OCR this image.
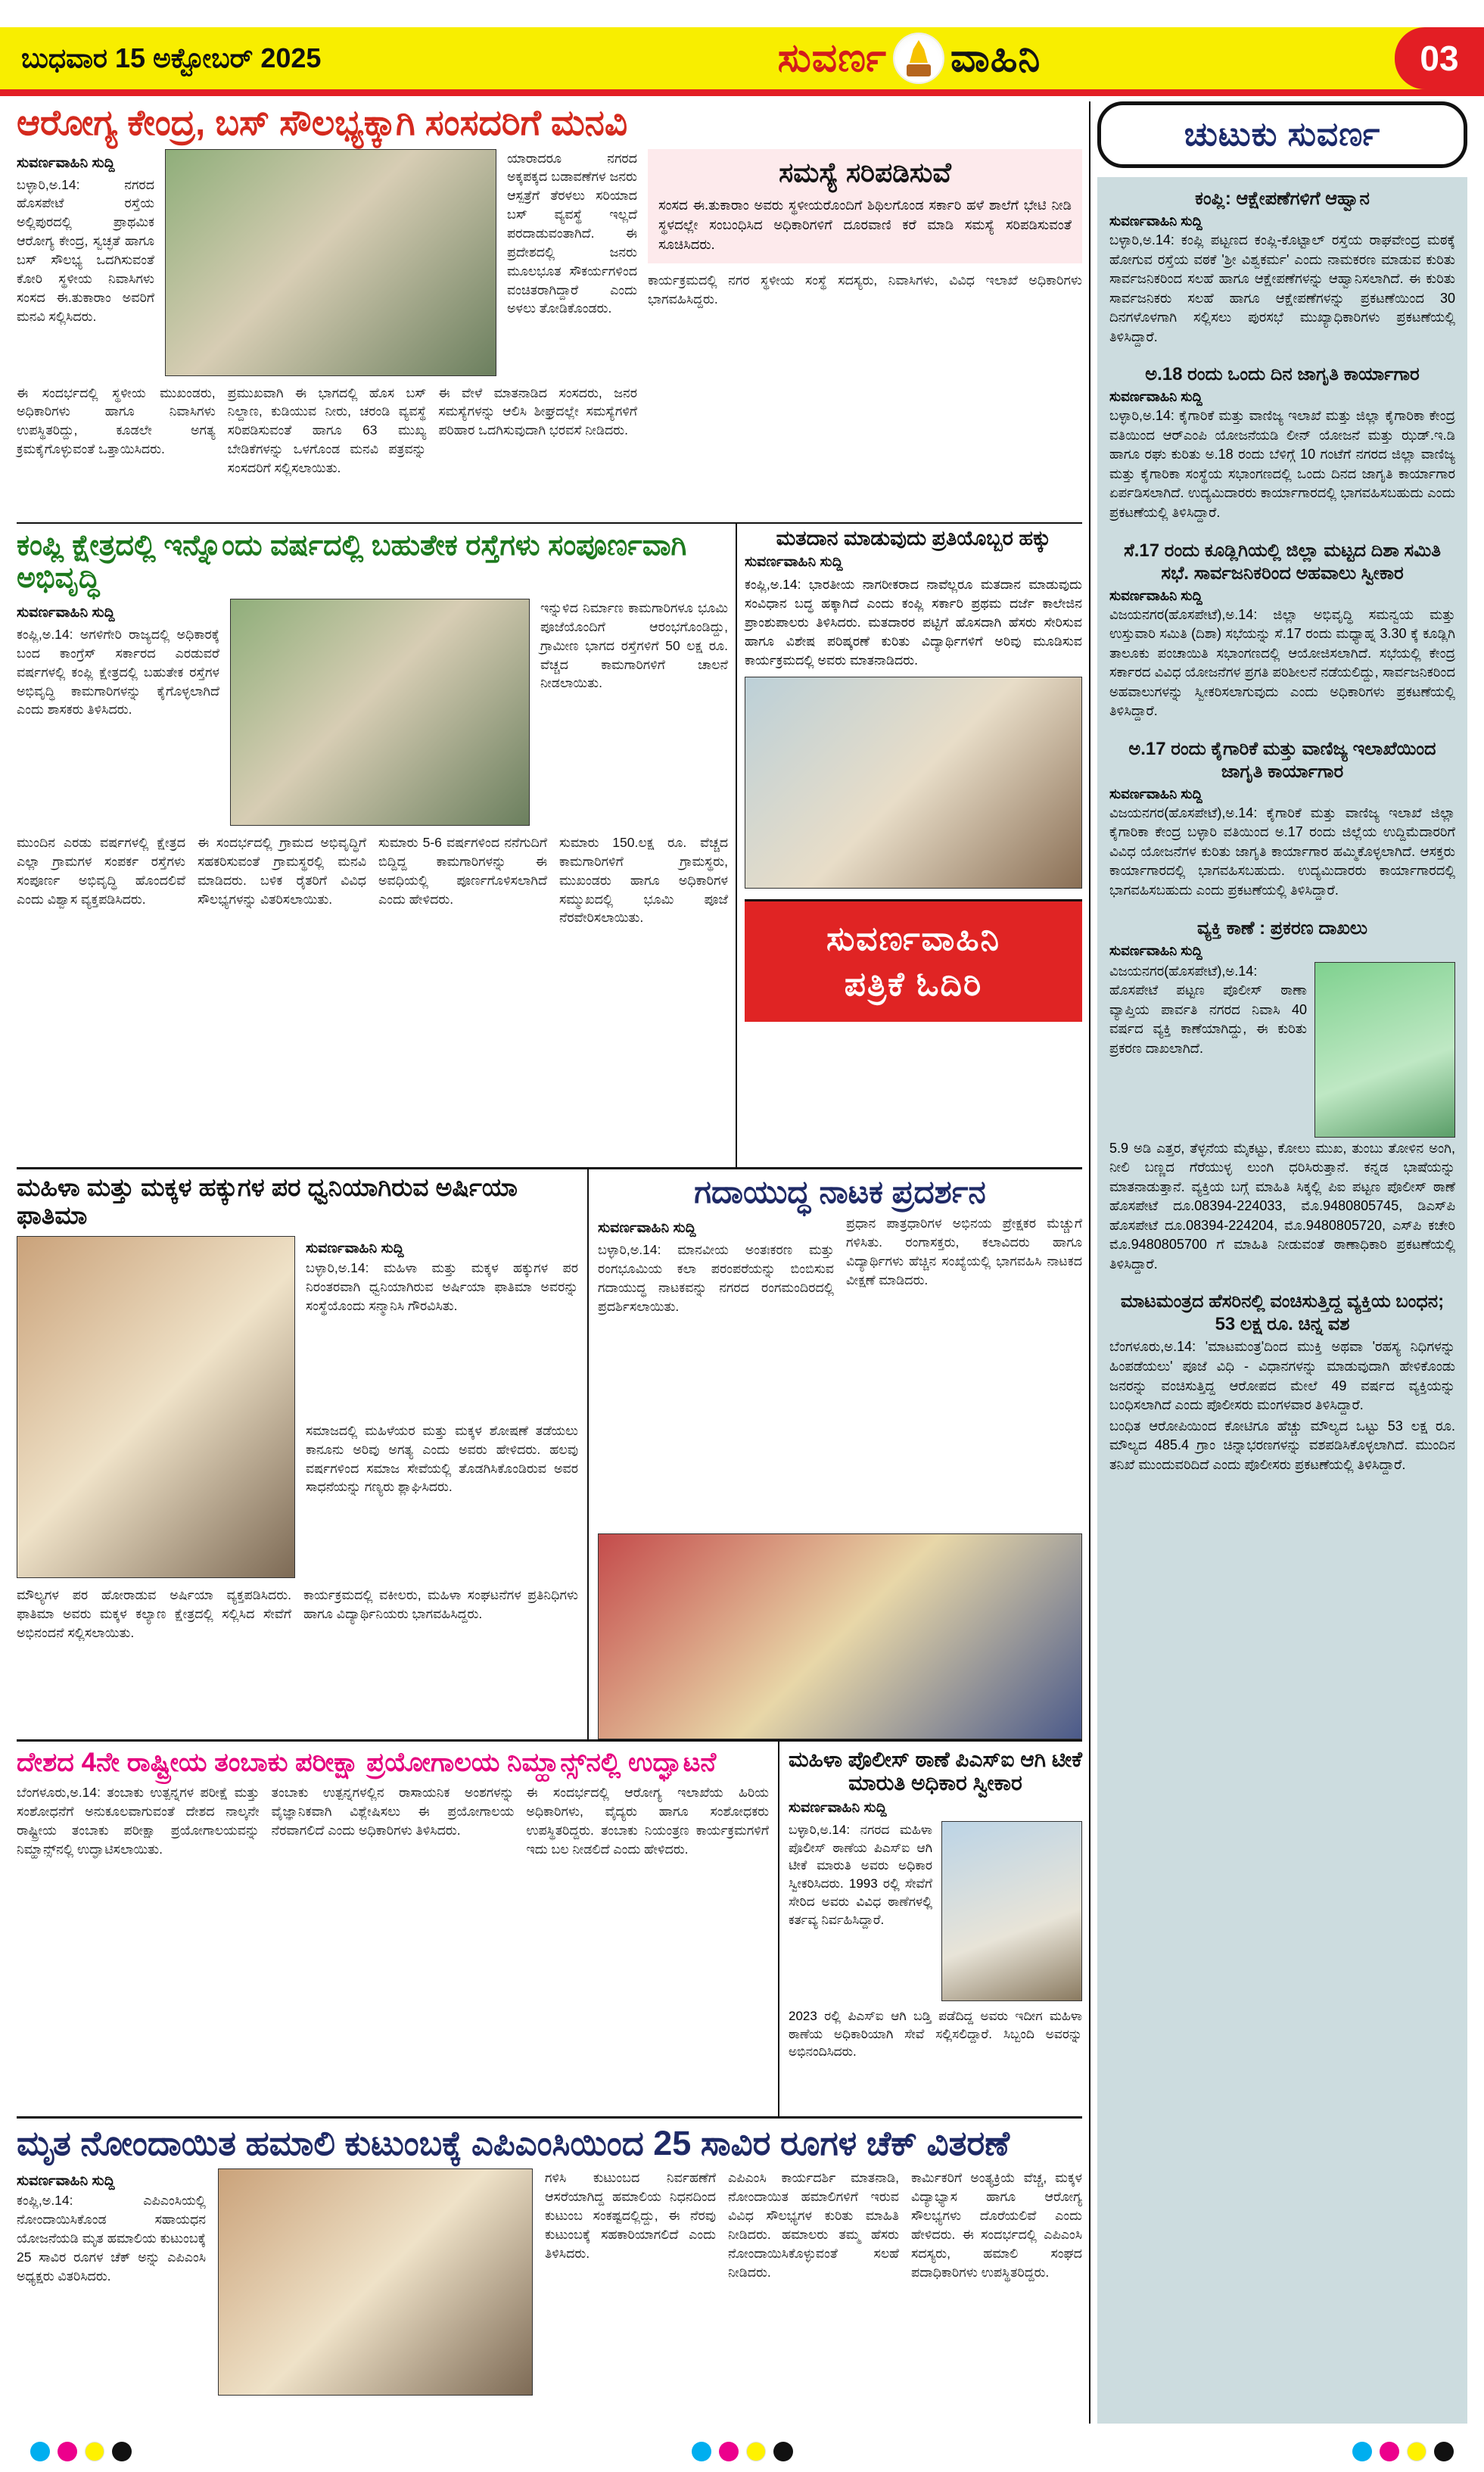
ಬುಧವಾರ 15 ಅಕ್ಟೋಬರ್ 2025	ಸುವರ್ಣ ವಾಹಿನಿ	03
ಆರೋಗ್ಯ ಕೇಂದ್ರ, ಬಸ್ ಸೌಲಭ್ಯಕ್ಕಾಗಿ ಸಂಸದರಿಗೆ ಮನವಿ
ಸುವರ್ಣವಾಹಿನಿ ಸುದ್ದಿ
ಬಳ್ಳಾರಿ,ಅ.14: ನಗರದ ಹೊಸಪೇಟೆ ರಸ್ತೆಯ ಅಲ್ಲಿಪುರದಲ್ಲಿ ಪ್ರಾಥಮಿಕ ಆರೋಗ್ಯ ಕೇಂದ್ರ, ಸ್ವಚ್ಛತೆ ಹಾಗೂ ಬಸ್ ಸೌಲಭ್ಯ ಒದಗಿಸುವಂತೆ ಕೋರಿ ಸ್ಥಳೀಯ ನಿವಾಸಿಗಳು ಸಂಸದ ಈ.ತುಕಾರಾಂ ಅವರಿಗೆ ಮನವಿ ಸಲ್ಲಿಸಿದರು.
ಯಾರಾದರೂ ನಗರದ ಅಕ್ಕಪಕ್ಕದ ಬಡಾವಣೆಗಳ ಜನರು ಆಸ್ಪತ್ರೆಗೆ ತೆರಳಲು ಸರಿಯಾದ ಬಸ್ ವ್ಯವಸ್ಥೆ ಇಲ್ಲದೆ ಪರದಾಡುವಂತಾಗಿದೆ. ಈ ಪ್ರದೇಶದಲ್ಲಿ ಜನರು ಮೂಲಭೂತ ಸೌಕರ್ಯಗಳಿಂದ ವಂಚಿತರಾಗಿದ್ದಾರೆ ಎಂದು ಅಳಲು ತೋಡಿಕೊಂಡರು.
ಈ ಸಂದರ್ಭದಲ್ಲಿ ಸ್ಥಳೀಯ ಮುಖಂಡರು, ಅಧಿಕಾರಿಗಳು ಹಾಗೂ ನಿವಾಸಿಗಳು ಉಪಸ್ಥಿತರಿದ್ದು, ಕೂಡಲೇ ಅಗತ್ಯ ಕ್ರಮಕೈಗೊಳ್ಳುವಂತೆ ಒತ್ತಾಯಿಸಿದರು.
ಪ್ರಮುಖವಾಗಿ ಈ ಭಾಗದಲ್ಲಿ ಹೊಸ ಬಸ್ ನಿಲ್ದಾಣ, ಕುಡಿಯುವ ನೀರು, ಚರಂಡಿ ವ್ಯವಸ್ಥೆ ಸರಿಪಡಿಸುವಂತೆ ಹಾಗೂ 63 ಮುಖ್ಯ ಬೇಡಿಕೆಗಳನ್ನು ಒಳಗೊಂಡ ಮನವಿ ಪತ್ರವನ್ನು ಸಂಸದರಿಗೆ ಸಲ್ಲಿಸಲಾಯಿತು.
ಈ ವೇಳೆ ಮಾತನಾಡಿದ ಸಂಸದರು, ಜನರ ಸಮಸ್ಯೆಗಳನ್ನು ಆಲಿಸಿ ಶೀಘ್ರದಲ್ಲೇ ಸಮಸ್ಯೆಗಳಿಗೆ ಪರಿಹಾರ ಒದಗಿಸುವುದಾಗಿ ಭರವಸೆ ನೀಡಿದರು.
ಸಮಸ್ಯೆ ಸರಿಪಡಿಸುವೆ
ಸಂಸದ ಈ.ತುಕಾರಾಂ ಅವರು ಸ್ಥಳೀಯರೊಂದಿಗೆ ಶಿಥಿಲಗೊಂಡ ಸರ್ಕಾರಿ ಹಳೆ ಶಾಲೆಗೆ ಭೇಟಿ ನೀಡಿ ಸ್ಥಳದಲ್ಲೇ ಸಂಬಂಧಿಸಿದ ಅಧಿಕಾರಿಗಳಿಗೆ ದೂರವಾಣಿ ಕರೆ ಮಾಡಿ ಸಮಸ್ಯೆ ಸರಿಪಡಿಸುವಂತೆ ಸೂಚಿಸಿದರು.
ಕಾರ್ಯಕ್ರಮದಲ್ಲಿ ನಗರ ಸ್ಥಳೀಯ ಸಂಸ್ಥೆ ಸದಸ್ಯರು, ನಿವಾಸಿಗಳು, ವಿವಿಧ ಇಲಾಖೆ ಅಧಿಕಾರಿಗಳು ಭಾಗವಹಿಸಿದ್ದರು.
ಕಂಪ್ಲಿ ಕ್ಷೇತ್ರದಲ್ಲಿ ಇನ್ನೊಂದು ವರ್ಷದಲ್ಲಿ ಬಹುತೇಕ ರಸ್ತೆಗಳು ಸಂಪೂರ್ಣವಾಗಿ ಅಭಿವೃದ್ಧಿ
ಸುವರ್ಣವಾಹಿನಿ ಸುದ್ದಿ
ಕಂಪ್ಲಿ,ಅ.14: ಅಗಳಿಗೇರಿ ರಾಜ್ಯದಲ್ಲಿ ಅಧಿಕಾರಕ್ಕೆ ಬಂದ ಕಾಂಗ್ರೆಸ್ ಸರ್ಕಾರದ ಎರಡುವರೆ ವರ್ಷಗಳಲ್ಲಿ ಕಂಪ್ಲಿ ಕ್ಷೇತ್ರದಲ್ಲಿ ಬಹುತೇಕ ರಸ್ತೆಗಳ ಅಭಿವೃದ್ಧಿ ಕಾಮಗಾರಿಗಳನ್ನು ಕೈಗೊಳ್ಳಲಾಗಿದೆ ಎಂದು ಶಾಸಕರು ತಿಳಿಸಿದರು.
ಇನ್ನುಳಿದ ನಿರ್ಮಾಣ ಕಾಮಗಾರಿಗಳೂ ಭೂಮಿ ಪೂಜೆಯೊಂದಿಗೆ ಆರಂಭಗೊಂಡಿದ್ದು, ಗ್ರಾಮೀಣ ಭಾಗದ ರಸ್ತೆಗಳಿಗೆ 50 ಲಕ್ಷ ರೂ. ವೆಚ್ಚದ ಕಾಮಗಾರಿಗಳಿಗೆ ಚಾಲನೆ ನೀಡಲಾಯಿತು.
ಮುಂದಿನ ಎರಡು ವರ್ಷಗಳಲ್ಲಿ ಕ್ಷೇತ್ರದ ಎಲ್ಲಾ ಗ್ರಾಮಗಳ ಸಂಪರ್ಕ ರಸ್ತೆಗಳು ಸಂಪೂರ್ಣ ಅಭಿವೃದ್ಧಿ ಹೊಂದಲಿವೆ ಎಂದು ವಿಶ್ವಾಸ ವ್ಯಕ್ತಪಡಿಸಿದರು.
ಈ ಸಂದರ್ಭದಲ್ಲಿ ಗ್ರಾಮದ ಅಭಿವೃದ್ಧಿಗೆ ಸಹಕರಿಸುವಂತೆ ಗ್ರಾಮಸ್ಥರಲ್ಲಿ ಮನವಿ ಮಾಡಿದರು. ಬಳಿಕ ರೈತರಿಗೆ ವಿವಿಧ ಸೌಲಭ್ಯಗಳನ್ನು ವಿತರಿಸಲಾಯಿತು.
ಸುಮಾರು 5-6 ವರ್ಷಗಳಿಂದ ನನೆಗುದಿಗೆ ಬಿದ್ದಿದ್ದ ಕಾಮಗಾರಿಗಳನ್ನು ಈ ಅವಧಿಯಲ್ಲಿ ಪೂರ್ಣಗೊಳಿಸಲಾಗಿದೆ ಎಂದು ಹೇಳಿದರು.
ಸುಮಾರು 150.ಲಕ್ಷ ರೂ. ವೆಚ್ಚದ ಕಾಮಗಾರಿಗಳಿಗೆ ಗ್ರಾಮಸ್ಥರು, ಮುಖಂಡರು ಹಾಗೂ ಅಧಿಕಾರಿಗಳ ಸಮ್ಮುಖದಲ್ಲಿ ಭೂಮಿ ಪೂಜೆ ನೆರವೇರಿಸಲಾಯಿತು.
ಮತದಾನ ಮಾಡುವುದು ಪ್ರತಿಯೊಬ್ಬರ ಹಕ್ಕು
ಸುವರ್ಣವಾಹಿನಿ ಸುದ್ದಿ
ಕಂಪ್ಲಿ,ಅ.14: ಭಾರತೀಯ ನಾಗರೀಕರಾದ ನಾವೆಲ್ಲರೂ ಮತದಾನ ಮಾಡುವುದು ಸಂವಿಧಾನ ಬದ್ಧ ಹಕ್ಕಾಗಿದೆ ಎಂದು ಕಂಪ್ಲಿ ಸರ್ಕಾರಿ ಪ್ರಥಮ ದರ್ಜೆ ಕಾಲೇಜಿನ ಪ್ರಾಂಶುಪಾಲರು ತಿಳಿಸಿದರು. ಮತದಾರರ ಪಟ್ಟಿಗೆ ಹೊಸದಾಗಿ ಹೆಸರು ಸೇರಿಸುವ ಹಾಗೂ ವಿಶೇಷ ಪರಿಷ್ಕರಣೆ ಕುರಿತು ವಿದ್ಯಾರ್ಥಿಗಳಿಗೆ ಅರಿವು ಮೂಡಿಸುವ ಕಾರ್ಯಕ್ರಮದಲ್ಲಿ ಅವರು ಮಾತನಾಡಿದರು.
ಸುವರ್ಣವಾಹಿನಿ
ಪತ್ರಿಕೆ ಓದಿರಿ
ಮಹಿಳಾ ಮತ್ತು ಮಕ್ಕಳ ಹಕ್ಕುಗಳ ಪರ ಧ್ವನಿಯಾಗಿರುವ ಅರ್ಷಿಯಾ ಫಾತಿಮಾ
ಸುವರ್ಣವಾಹಿನಿ ಸುದ್ದಿ
ಬಳ್ಳಾರಿ,ಅ.14: ಮಹಿಳಾ ಮತ್ತು ಮಕ್ಕಳ ಹಕ್ಕುಗಳ ಪರ ನಿರಂತರವಾಗಿ ಧ್ವನಿಯಾಗಿರುವ ಅರ್ಷಿಯಾ ಫಾತಿಮಾ ಅವರನ್ನು ಸಂಸ್ಥೆಯೊಂದು ಸನ್ಮಾನಿಸಿ ಗೌರವಿಸಿತು.
ಸಮಾಜದಲ್ಲಿ ಮಹಿಳೆಯರ ಮತ್ತು ಮಕ್ಕಳ ಶೋಷಣೆ ತಡೆಯಲು ಕಾನೂನು ಅರಿವು ಅಗತ್ಯ ಎಂದು ಅವರು ಹೇಳಿದರು. ಹಲವು ವರ್ಷಗಳಿಂದ ಸಮಾಜ ಸೇವೆಯಲ್ಲಿ ತೊಡಗಿಸಿಕೊಂಡಿರುವ ಅವರ ಸಾಧನೆಯನ್ನು ಗಣ್ಯರು ಶ್ಲಾಘಿಸಿದರು.
ಮೌಲ್ಯಗಳ ಪರ ಹೋರಾಡುವ ಅರ್ಷಿಯಾ ವ್ಯಕ್ತಪಡಿಸಿದರು. ಫಾತಿಮಾ ಅವರು ಮಕ್ಕಳ ಕಲ್ಯಾಣ ಕ್ಷೇತ್ರದಲ್ಲಿ ಸಲ್ಲಿಸಿದ ಸೇವೆಗೆ ಅಭಿನಂದನೆ ಸಲ್ಲಿಸಲಾಯಿತು.
ಕಾರ್ಯಕ್ರಮದಲ್ಲಿ ವಕೀಲರು, ಮಹಿಳಾ ಸಂಘಟನೆಗಳ ಪ್ರತಿನಿಧಿಗಳು ಹಾಗೂ ವಿದ್ಯಾರ್ಥಿನಿಯರು ಭಾಗವಹಿಸಿದ್ದರು.
ಗದಾಯುದ್ಧ ನಾಟಕ ಪ್ರದರ್ಶನ
ಸುವರ್ಣವಾಹಿನಿ ಸುದ್ದಿ
ಬಳ್ಳಾರಿ,ಅ.14: ಮಾನವೀಯ ಅಂತಃಕರಣ ಮತ್ತು ರಂಗಭೂಮಿಯ ಕಲಾ ಪರಂಪರೆಯನ್ನು ಬಿಂಬಿಸುವ ಗದಾಯುದ್ಧ ನಾಟಕವನ್ನು ನಗರದ ರಂಗಮಂದಿರದಲ್ಲಿ ಪ್ರದರ್ಶಿಸಲಾಯಿತು.
ಪ್ರಧಾನ ಪಾತ್ರಧಾರಿಗಳ ಅಭಿನಯ ಪ್ರೇಕ್ಷಕರ ಮೆಚ್ಚುಗೆ ಗಳಿಸಿತು. ರಂಗಾಸಕ್ತರು, ಕಲಾವಿದರು ಹಾಗೂ ವಿದ್ಯಾರ್ಥಿಗಳು ಹೆಚ್ಚಿನ ಸಂಖ್ಯೆಯಲ್ಲಿ ಭಾಗವಹಿಸಿ ನಾಟಕದ ವೀಕ್ಷಣೆ ಮಾಡಿದರು.
ದೇಶದ 4ನೇ ರಾಷ್ಟ್ರೀಯ ತಂಬಾಕು ಪರೀಕ್ಷಾ ಪ್ರಯೋಗಾಲಯ ನಿಮ್ಹಾನ್ಸ್‌ನಲ್ಲಿ ಉದ್ಘಾಟನೆ
ಬೆಂಗಳೂರು,ಅ.14: ತಂಬಾಕು ಉತ್ಪನ್ನಗಳ ಪರೀಕ್ಷೆ ಮತ್ತು ಸಂಶೋಧನೆಗೆ ಅನುಕೂಲವಾಗುವಂತೆ ದೇಶದ ನಾಲ್ಕನೇ ರಾಷ್ಟ್ರೀಯ ತಂಬಾಕು ಪರೀಕ್ಷಾ ಪ್ರಯೋಗಾಲಯವನ್ನು ನಿಮ್ಹಾನ್ಸ್‌ನಲ್ಲಿ ಉದ್ಘಾಟಿಸಲಾಯಿತು.
ತಂಬಾಕು ಉತ್ಪನ್ನಗಳಲ್ಲಿನ ರಾಸಾಯನಿಕ ಅಂಶಗಳನ್ನು ವೈಜ್ಞಾನಿಕವಾಗಿ ವಿಶ್ಲೇಷಿಸಲು ಈ ಪ್ರಯೋಗಾಲಯ ನೆರವಾಗಲಿದೆ ಎಂದು ಅಧಿಕಾರಿಗಳು ತಿಳಿಸಿದರು.
ಈ ಸಂದರ್ಭದಲ್ಲಿ ಆರೋಗ್ಯ ಇಲಾಖೆಯ ಹಿರಿಯ ಅಧಿಕಾರಿಗಳು, ವೈದ್ಯರು ಹಾಗೂ ಸಂಶೋಧಕರು ಉಪಸ್ಥಿತರಿದ್ದರು. ತಂಬಾಕು ನಿಯಂತ್ರಣ ಕಾರ್ಯಕ್ರಮಗಳಿಗೆ ಇದು ಬಲ ನೀಡಲಿದೆ ಎಂದು ಹೇಳಿದರು.
ಮಹಿಳಾ ಪೊಲೀಸ್ ಠಾಣೆ ಪಿಎಸ್‌ಐ ಆಗಿ ಟೀಕೆ ಮಾರುತಿ ಅಧಿಕಾರ ಸ್ವೀಕಾರ
ಸುವರ್ಣವಾಹಿನಿ ಸುದ್ದಿ
ಬಳ್ಳಾರಿ,ಅ.14: ನಗರದ ಮಹಿಳಾ ಪೊಲೀಸ್ ಠಾಣೆಯ ಪಿಎಸ್‌ಐ ಆಗಿ ಟೀಕೆ ಮಾರುತಿ ಅವರು ಅಧಿಕಾರ ಸ್ವೀಕರಿಸಿದರು. 1993 ರಲ್ಲಿ ಸೇವೆಗೆ ಸೇರಿದ ಅವರು ವಿವಿಧ ಠಾಣೆಗಳಲ್ಲಿ ಕರ್ತವ್ಯ ನಿರ್ವಹಿಸಿದ್ದಾರೆ.
2023 ರಲ್ಲಿ ಪಿಎಸ್‌ಐ ಆಗಿ ಬಡ್ತಿ ಪಡೆದಿದ್ದ ಅವರು ಇದೀಗ ಮಹಿಳಾ ಠಾಣೆಯ ಅಧಿಕಾರಿಯಾಗಿ ಸೇವೆ ಸಲ್ಲಿಸಲಿದ್ದಾರೆ. ಸಿಬ್ಬಂದಿ ಅವರನ್ನು ಅಭಿನಂದಿಸಿದರು.
ಮೃತ ನೋಂದಾಯಿತ ಹಮಾಲಿ ಕುಟುಂಬಕ್ಕೆ ಎಪಿಎಂಸಿಯಿಂದ 25 ಸಾವಿರ ರೂಗಳ ಚೆಕ್ ವಿತರಣೆ
ಸುವರ್ಣವಾಹಿನಿ ಸುದ್ದಿ
ಕಂಪ್ಲಿ,ಅ.14: ಎಪಿಎಂಸಿಯಲ್ಲಿ ನೋಂದಾಯಿಸಿಕೊಂಡ ಸಹಾಯಧನ ಯೋಜನೆಯಡಿ ಮೃತ ಹಮಾಲಿಯ ಕುಟುಂಬಕ್ಕೆ 25 ಸಾವಿರ ರೂಗಳ ಚೆಕ್ ಅನ್ನು ಎಪಿಎಂಸಿ ಅಧ್ಯಕ್ಷರು ವಿತರಿಸಿದರು.
ಗಳಿಸಿ ಕುಟುಂಬದ ನಿರ್ವಹಣೆಗೆ ಆಸರೆಯಾಗಿದ್ದ ಹಮಾಲಿಯ ನಿಧನದಿಂದ ಕುಟುಂಬ ಸಂಕಷ್ಟದಲ್ಲಿದ್ದು, ಈ ನೆರವು ಕುಟುಂಬಕ್ಕೆ ಸಹಕಾರಿಯಾಗಲಿದೆ ಎಂದು ತಿಳಿಸಿದರು.
ಎಪಿಎಂಸಿ ಕಾರ್ಯದರ್ಶಿ ಮಾತನಾಡಿ, ನೋಂದಾಯಿತ ಹಮಾಲಿಗಳಿಗೆ ಇರುವ ವಿವಿಧ ಸೌಲಭ್ಯಗಳ ಕುರಿತು ಮಾಹಿತಿ ನೀಡಿದರು. ಹಮಾಲರು ತಮ್ಮ ಹೆಸರು ನೋಂದಾಯಿಸಿಕೊಳ್ಳುವಂತೆ ಸಲಹೆ ನೀಡಿದರು.
ಕಾರ್ಮಿಕರಿಗೆ ಅಂತ್ಯಕ್ರಿಯೆ ವೆಚ್ಚ, ಮಕ್ಕಳ ವಿದ್ಯಾಭ್ಯಾಸ ಹಾಗೂ ಆರೋಗ್ಯ ಸೌಲಭ್ಯಗಳು ದೊರೆಯಲಿವೆ ಎಂದು ಹೇಳಿದರು. ಈ ಸಂದರ್ಭದಲ್ಲಿ ಎಪಿಎಂಸಿ ಸದಸ್ಯರು, ಹಮಾಲಿ ಸಂಘದ ಪದಾಧಿಕಾರಿಗಳು ಉಪಸ್ಥಿತರಿದ್ದರು.
ಚುಟುಕು ಸುವರ್ಣ
ಕಂಪ್ಲಿ: ಆಕ್ಷೇಪಣೆಗಳಿಗೆ ಆಹ್ವಾನ
ಸುವರ್ಣವಾಹಿನಿ ಸುದ್ದಿ
ಬಳ್ಳಾರಿ,ಅ.14: ಕಂಪ್ಲಿ ಪಟ್ಟಣದ ಕಂಪ್ಲಿ-ಕೊಟ್ಟಾಲ್ ರಸ್ತೆಯ ರಾಘವೇಂದ್ರ ಮಠಕ್ಕೆ ಹೋಗುವ ರಸ್ತೆಯ ವಠಕೆ 'ಶ್ರೀ ವಿಶ್ವಕರ್ಮ' ಎಂದು ನಾಮಕರಣ ಮಾಡುವ ಕುರಿತು ಸಾರ್ವಜನಿಕರಿಂದ ಸಲಹೆ ಹಾಗೂ ಆಕ್ಷೇಪಣೆಗಳನ್ನು ಆಹ್ವಾನಿಸಲಾಗಿದೆ. ಈ ಕುರಿತು ಸಾರ್ವಜನಿಕರು ಸಲಹೆ ಹಾಗೂ ಆಕ್ಷೇಪಣೆಗಳನ್ನು ಪ್ರಕಟಣೆಯಿಂದ 30 ದಿನಗಳೊಳಗಾಗಿ ಸಲ್ಲಿಸಲು ಪುರಸಭೆ ಮುಖ್ಯಾಧಿಕಾರಿಗಳು ಪ್ರಕಟಣೆಯಲ್ಲಿ ತಿಳಿಸಿದ್ದಾರೆ.
ಅ.18 ರಂದು ಒಂದು ದಿನ ಜಾಗೃತಿ ಕಾರ್ಯಾಗಾರ
ಸುವರ್ಣವಾಹಿನಿ ಸುದ್ದಿ
ಬಳ್ಳಾರಿ,ಅ.14: ಕೈಗಾರಿಕೆ ಮತ್ತು ವಾಣಿಜ್ಯ ಇಲಾಖೆ ಮತ್ತು ಜಿಲ್ಲಾ ಕೈಗಾರಿಕಾ ಕೇಂದ್ರ ವತಿಯಿಂದ ಆರ್‌ಎಂಪಿ ಯೋಜನೆಯಡಿ ಲೀನ್ ಯೋಜನೆ ಮತ್ತು ಝಡ್.ಇ.ಡಿ ಹಾಗೂ ರಘು ಕುರಿತು ಅ.18 ರಂದು ಬೆಳಿಗ್ಗೆ 10 ಗಂಟೆಗೆ ನಗರದ ಜಿಲ್ಲಾ ವಾಣಿಜ್ಯ ಮತ್ತು ಕೈಗಾರಿಕಾ ಸಂಸ್ಥೆಯ ಸಭಾಂಗಣದಲ್ಲಿ ಒಂದು ದಿನದ ಜಾಗೃತಿ ಕಾರ್ಯಾಗಾರ ಏರ್ಪಡಿಸಲಾಗಿದೆ. ಉದ್ಯಮಿದಾರರು ಕಾರ್ಯಾಗಾರದಲ್ಲಿ ಭಾಗವಹಿಸಬಹುದು ಎಂದು ಪ್ರಕಟಣೆಯಲ್ಲಿ ತಿಳಿಸಿದ್ದಾರೆ.
ಸೆ.17 ರಂದು ಕೂಡ್ಲಿಗಿಯಲ್ಲಿ ಜಿಲ್ಲಾ ಮಟ್ಟದ ದಿಶಾ ಸಮಿತಿ ಸಭೆ. ಸಾರ್ವಜನಿಕರಿಂದ ಅಹವಾಲು ಸ್ವೀಕಾರ
ಸುವರ್ಣವಾಹಿನಿ ಸುದ್ದಿ
ವಿಜಯನಗರ(ಹೊಸಪೇಟೆ),ಅ.14: ಜಿಲ್ಲಾ ಅಭಿವೃದ್ಧಿ ಸಮನ್ವಯ ಮತ್ತು ಉಸ್ತುವಾರಿ ಸಮಿತಿ (ದಿಶಾ) ಸಭೆಯನ್ನು ಸೆ.17 ರಂದು ಮಧ್ಯಾಹ್ನ 3.30 ಕ್ಕೆ ಕೂಡ್ಲಿಗಿ ತಾಲೂಕು ಪಂಚಾಯಿತಿ ಸಭಾಂಗಣದಲ್ಲಿ ಆಯೋಜಿಸಲಾಗಿದೆ. ಸಭೆಯಲ್ಲಿ ಕೇಂದ್ರ ಸರ್ಕಾರದ ವಿವಿಧ ಯೋಜನೆಗಳ ಪ್ರಗತಿ ಪರಿಶೀಲನೆ ನಡೆಯಲಿದ್ದು, ಸಾರ್ವಜನಿಕರಿಂದ ಅಹವಾಲುಗಳನ್ನು ಸ್ವೀಕರಿಸಲಾಗುವುದು ಎಂದು ಅಧಿಕಾರಿಗಳು ಪ್ರಕಟಣೆಯಲ್ಲಿ ತಿಳಿಸಿದ್ದಾರೆ.
ಅ.17 ರಂದು ಕೈಗಾರಿಕೆ ಮತ್ತು ವಾಣಿಜ್ಯ ಇಲಾಖೆಯಿಂದ ಜಾಗೃತಿ ಕಾರ್ಯಾಗಾರ
ಸುವರ್ಣವಾಹಿನಿ ಸುದ್ದಿ
ವಿಜಯನಗರ(ಹೊಸಪೇಟೆ),ಅ.14: ಕೈಗಾರಿಕೆ ಮತ್ತು ವಾಣಿಜ್ಯ ಇಲಾಖೆ ಜಿಲ್ಲಾ ಕೈಗಾರಿಕಾ ಕೇಂದ್ರ ಬಳ್ಳಾರಿ ವತಿಯಿಂದ ಅ.17 ರಂದು ಜಿಲ್ಲೆಯ ಉದ್ದಿಮೆದಾರರಿಗೆ ವಿವಿಧ ಯೋಜನೆಗಳ ಕುರಿತು ಜಾಗೃತಿ ಕಾರ್ಯಾಗಾರ ಹಮ್ಮಿಕೊಳ್ಳಲಾಗಿದೆ. ಆಸಕ್ತರು ಕಾರ್ಯಾಗಾರದಲ್ಲಿ ಭಾಗವಹಿಸಬಹುದು. ಉದ್ಯಮಿದಾರರು ಕಾರ್ಯಾಗಾರದಲ್ಲಿ ಭಾಗವಹಿಸಬಹುದು ಎಂದು ಪ್ರಕಟಣೆಯಲ್ಲಿ ತಿಳಿಸಿದ್ದಾರೆ.
ವ್ಯಕ್ತಿ ಕಾಣೆ : ಪ್ರಕರಣ ದಾಖಲು
ಸುವರ್ಣವಾಹಿನಿ ಸುದ್ದಿ
ವಿಜಯನಗರ(ಹೊಸಪೇಟೆ),ಅ.14: ಹೊಸಪೇಟೆ ಪಟ್ಟಣ ಪೊಲೀಸ್ ಠಾಣಾ ವ್ಯಾಪ್ತಿಯ ಪಾರ್ವತಿ ನಗರದ ನಿವಾಸಿ 40 ವರ್ಷದ ವ್ಯಕ್ತಿ ಕಾಣೆಯಾಗಿದ್ದು, ಈ ಕುರಿತು ಪ್ರಕರಣ ದಾಖಲಾಗಿದೆ.
5.9 ಅಡಿ ಎತ್ತರ, ತೆಳ್ಳನೆಯ ಮೈಕಟ್ಟು, ಕೋಲು ಮುಖ, ತುಂಬು ತೋಳಿನ ಅಂಗಿ, ನೀಲಿ ಬಣ್ಣದ ಗೆರೆಯುಳ್ಳ ಲುಂಗಿ ಧರಿಸಿರುತ್ತಾನೆ. ಕನ್ನಡ ಭಾಷೆಯನ್ನು ಮಾತನಾಡುತ್ತಾನೆ. ವ್ಯಕ್ತಿಯ ಬಗ್ಗೆ ಮಾಹಿತಿ ಸಿಕ್ಕಲ್ಲಿ ಪಿಐ ಪಟ್ಟಣ ಪೊಲೀಸ್ ಠಾಣೆ ಹೊಸಪೇಟೆ ದೂ.08394-224033, ಮೊ.9480805745, ಡಿಎಸ್‌ಪಿ ಹೊಸಪೇಟೆ ದೂ.08394-224204, ಮೊ.9480805720, ಎಸ್‌ಪಿ ಕಚೇರಿ ಮೊ.9480805700 ಗೆ ಮಾಹಿತಿ ನೀಡುವಂತೆ ಠಾಣಾಧಿಕಾರಿ ಪ್ರಕಟಣೆಯಲ್ಲಿ ತಿಳಿಸಿದ್ದಾರೆ.
ಮಾಟಮಂತ್ರದ ಹೆಸರಿನಲ್ಲಿ ವಂಚಿಸುತ್ತಿದ್ದ ವ್ಯಕ್ತಿಯ ಬಂಧನ; 53 ಲಕ್ಷ ರೂ. ಚಿನ್ನ ವಶ
ಬೆಂಗಳೂರು,ಅ.14: 'ಮಾಟಮಂತ್ರ'ದಿಂದ ಮುಕ್ತಿ ಅಥವಾ 'ರಹಸ್ಯ ನಿಧಿಗಳನ್ನು ಹಿಂಪಡೆಯಲು' ಪೂಜೆ ವಿಧಿ - ವಿಧಾನಗಳನ್ನು ಮಾಡುವುದಾಗಿ ಹೇಳಿಕೊಂಡು ಜನರನ್ನು ವಂಚಿಸುತ್ತಿದ್ದ ಆರೋಪದ ಮೇಲೆ 49 ವರ್ಷದ ವ್ಯಕ್ತಿಯನ್ನು ಬಂಧಿಸಲಾಗಿದೆ ಎಂದು ಪೊಲೀಸರು ಮಂಗಳವಾರ ತಿಳಿಸಿದ್ದಾರೆ.
ಬಂಧಿತ ಆರೋಪಿಯಿಂದ ಕೋಟಿಗೂ ಹೆಚ್ಚು ಮೌಲ್ಯದ ಒಟ್ಟು 53 ಲಕ್ಷ ರೂ. ಮೌಲ್ಯದ 485.4 ಗ್ರಾಂ ಚಿನ್ನಾಭರಣಗಳನ್ನು ವಶಪಡಿಸಿಕೊಳ್ಳಲಾಗಿದೆ. ಮುಂದಿನ ತನಿಖೆ ಮುಂದುವರಿದಿದೆ ಎಂದು ಪೊಲೀಸರು ಪ್ರಕಟಣೆಯಲ್ಲಿ ತಿಳಿಸಿದ್ದಾರೆ.
